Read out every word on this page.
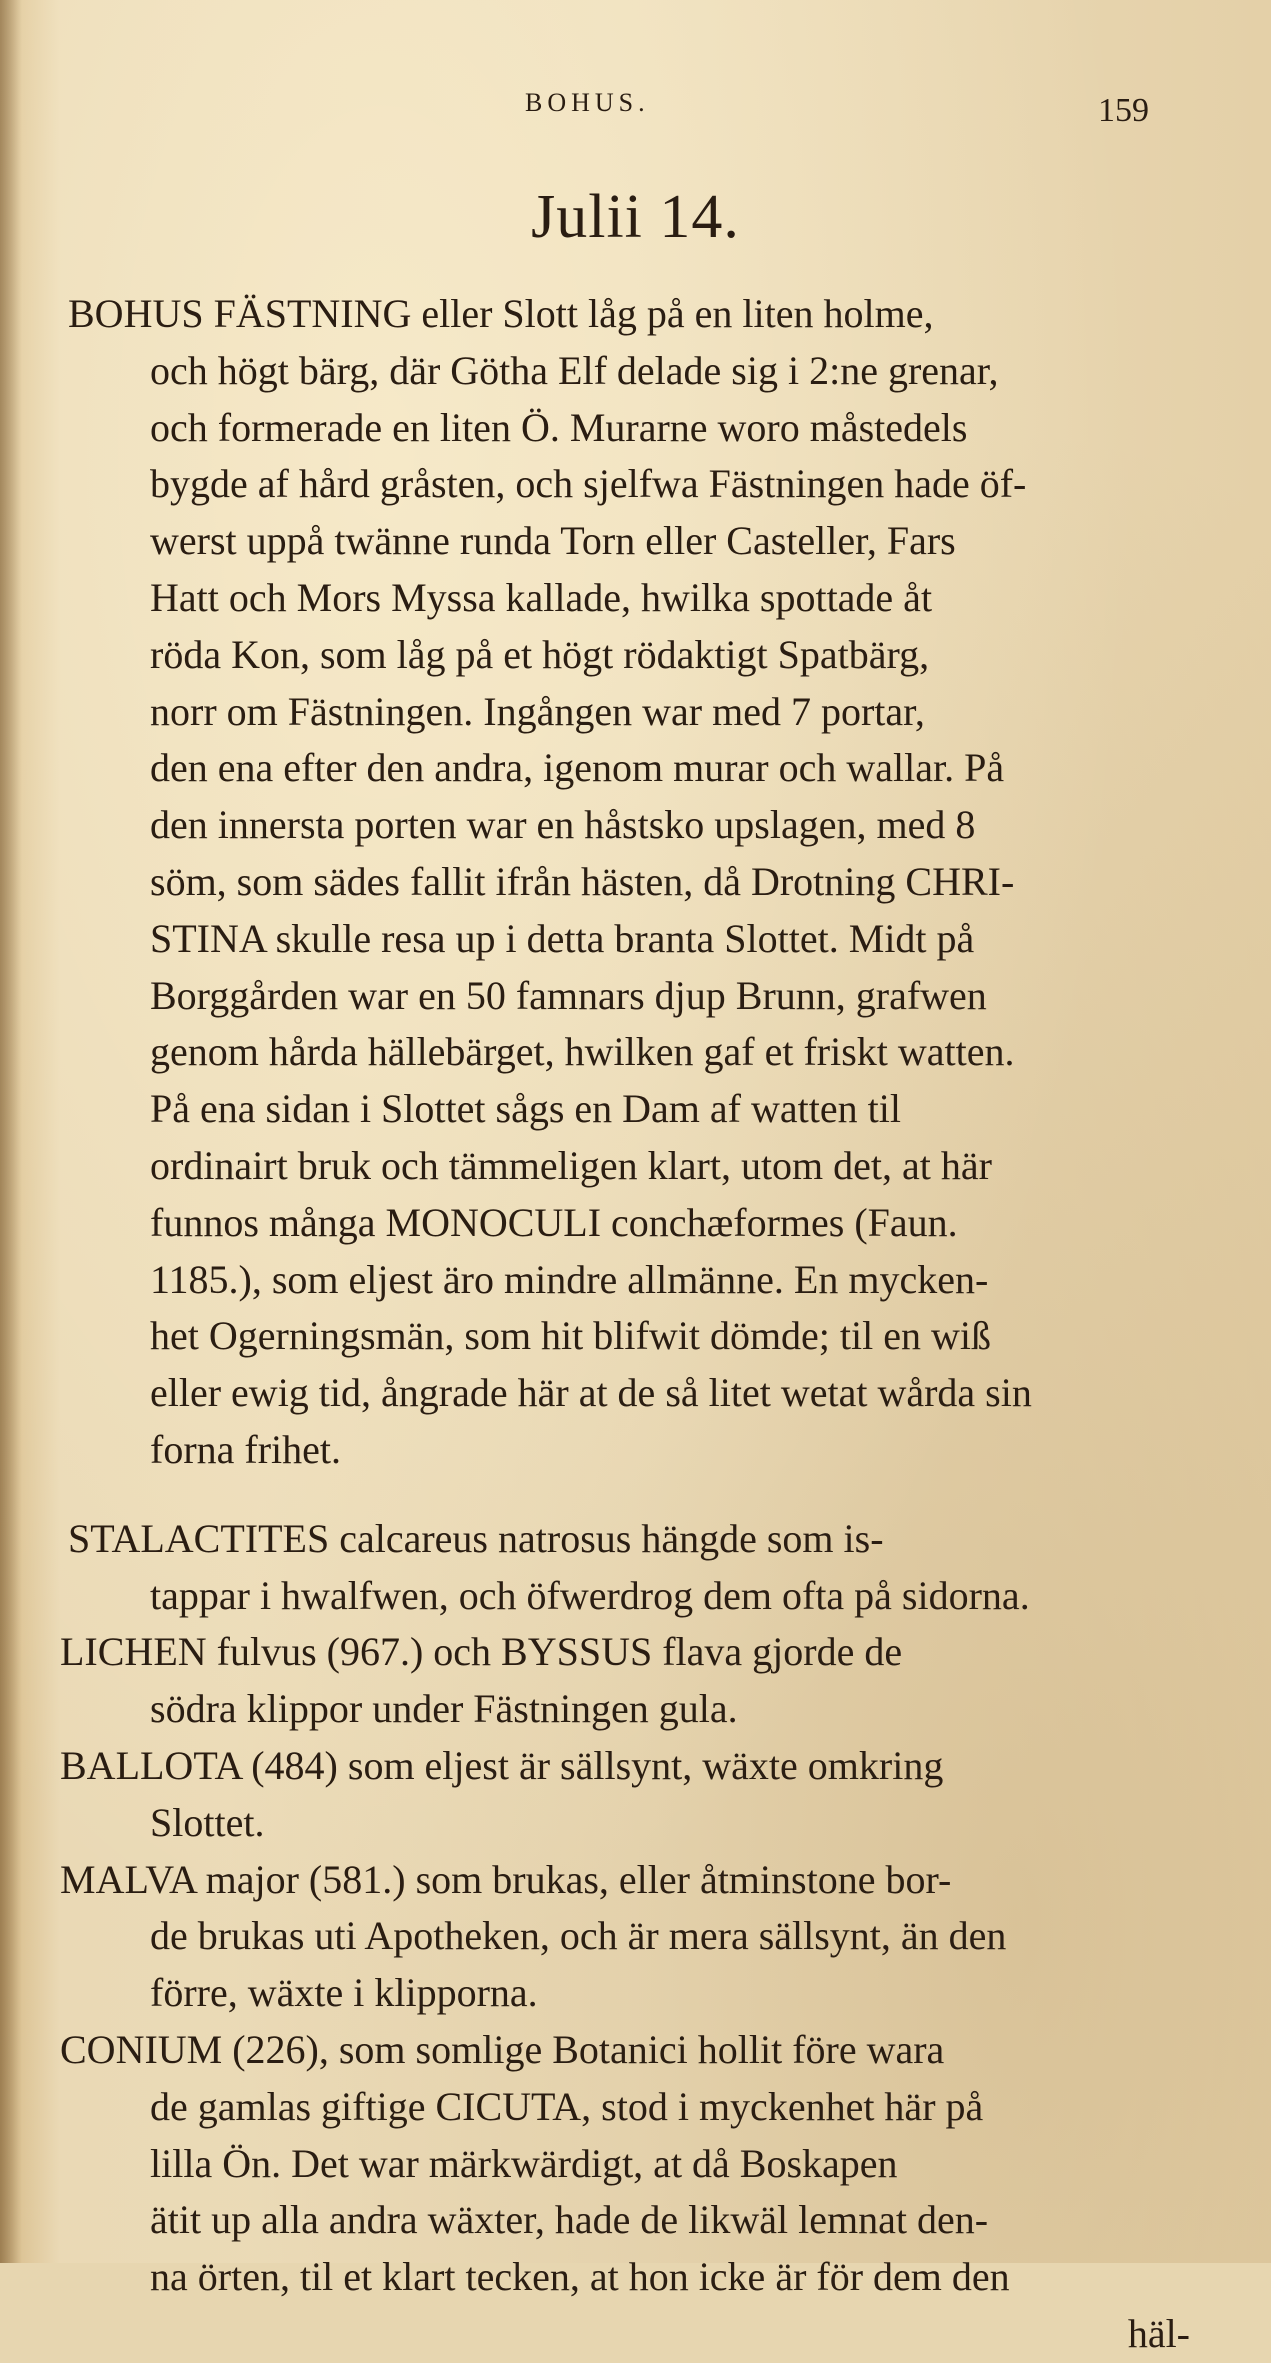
BOHUS.	159
Julii 14.
BOHUS FÄSTNING eller Slott låg på en liten holme,
och högt bärg, där Götha Elf delade sig i 2:ne grenar,
och formerade en liten Ö. Murarne woro måstedels
bygde af hård gråsten, och sjelfwa Fästningen hade öf-
werst uppå twänne runda Torn eller Casteller, Fars
Hatt och Mors Myssa kallade, hwilka spottade åt
röda Kon, som låg på et högt rödaktigt Spatbärg,
norr om Fästningen. Ingången war med 7 portar,
den ena efter den andra, igenom murar och wallar. På
den innersta porten war en håstsko upslagen, med 8
söm, som sädes fallit ifrån hästen, då Drotning CHRI-
STINA skulle resa up i detta branta Slottet. Midt på
Borggården war en 50 famnars djup Brunn, grafwen
genom hårda hällebärget, hwilken gaf et friskt watten.
På ena sidan i Slottet sågs en Dam af watten til
ordinairt bruk och tämmeligen klart, utom det, at här
funnos många MONOCULI conchæformes (Faun.
1185.), som eljest äro mindre allmänne. En mycken-
het Ogerningsmän, som hit blifwit dömde; til en wiß
eller ewig tid, ångrade här at de så litet wetat wårda sin
forna frihet.
STALACTITES calcareus natrosus hängde som is-
tappar i hwalfwen, och öfwerdrog dem ofta på sidorna.
LICHEN fulvus (967.) och BYSSUS flava gjorde de
södra klippor under Fästningen gula.
BALLOTA (484) som eljest är sällsynt, wäxte omkring
Slottet.
MALVA major (581.) som brukas, eller åtminstone bor-
de brukas uti Apotheken, och är mera sällsynt, än den
förre, wäxte i klipporna.
CONIUM (226), som somlige Botanici hollit före wara
de gamlas giftige CICUTA, stod i myckenhet här på
lilla Ön. Det war märkwärdigt, at då Boskapen
ätit up alla andra wäxter, hade de likwäl lemnat den-
na örten, til et klart tecken, at hon icke är för dem den
häl-
